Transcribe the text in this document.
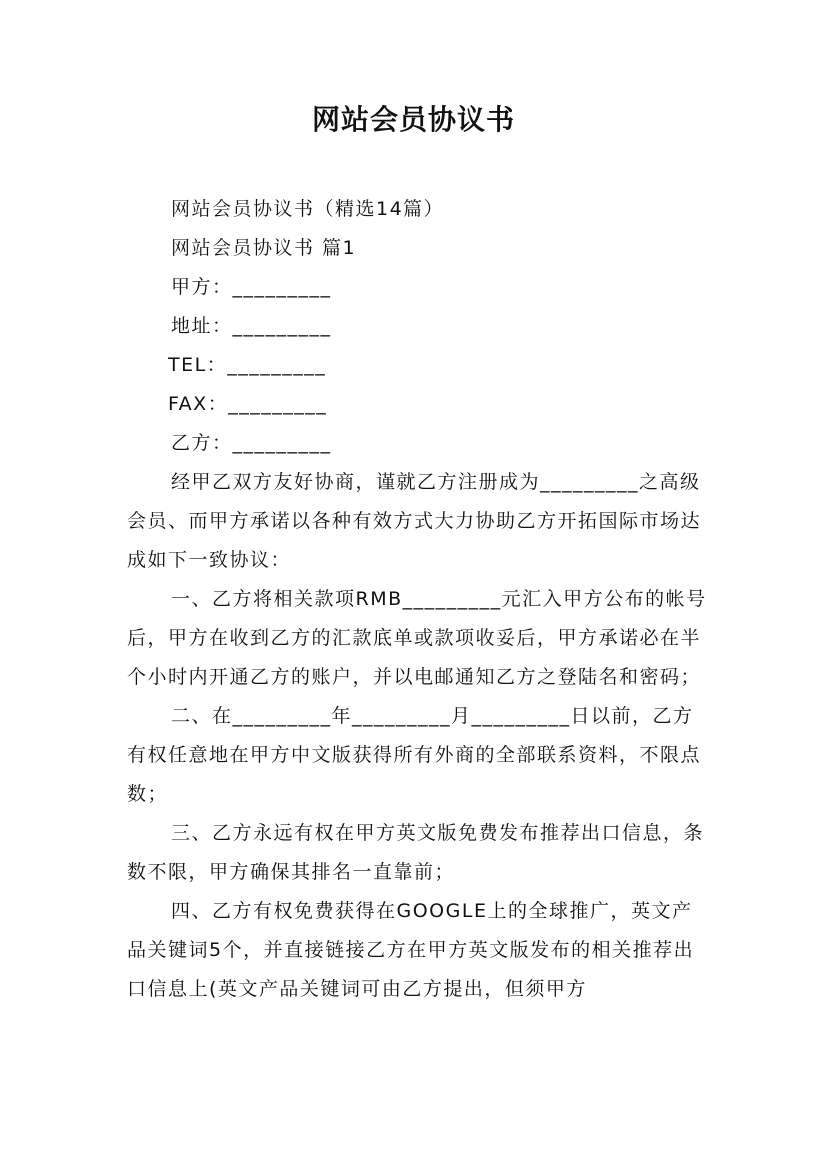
网站会员协议书

网站会员协议书（精选14篇）

网站会员协议书 篇1

甲方：_________

地址：_________

TEL：_________

FAX：_________

乙方：_________

经甲乙双方友好协商，谨就乙方注册成为_________之高级会员、而甲方承诺以各种有效方式大力协助乙方开拓国际市场达成如下一致协议：

一、乙方将相关款项RMB_________元汇入甲方公布的帐号后，甲方在收到乙方的汇款底单或款项收妥后，甲方承诺必在半个小时内开通乙方的账户，并以电邮通知乙方之登陆名和密码；

二、在_________年_________月_________日以前，乙方有权任意地在甲方中文版获得所有外商的全部联系资料，不限点数；

三、乙方永远有权在甲方英文版免费发布推荐出口信息，条数不限，甲方确保其排名一直靠前；

四、乙方有权免费获得在GOOGLE上的全球推广，英文产品关键词5个，并直接链接乙方在甲方英文版发布的相关推荐出口信息上(英文产品关键词可由乙方提出，但须甲方
